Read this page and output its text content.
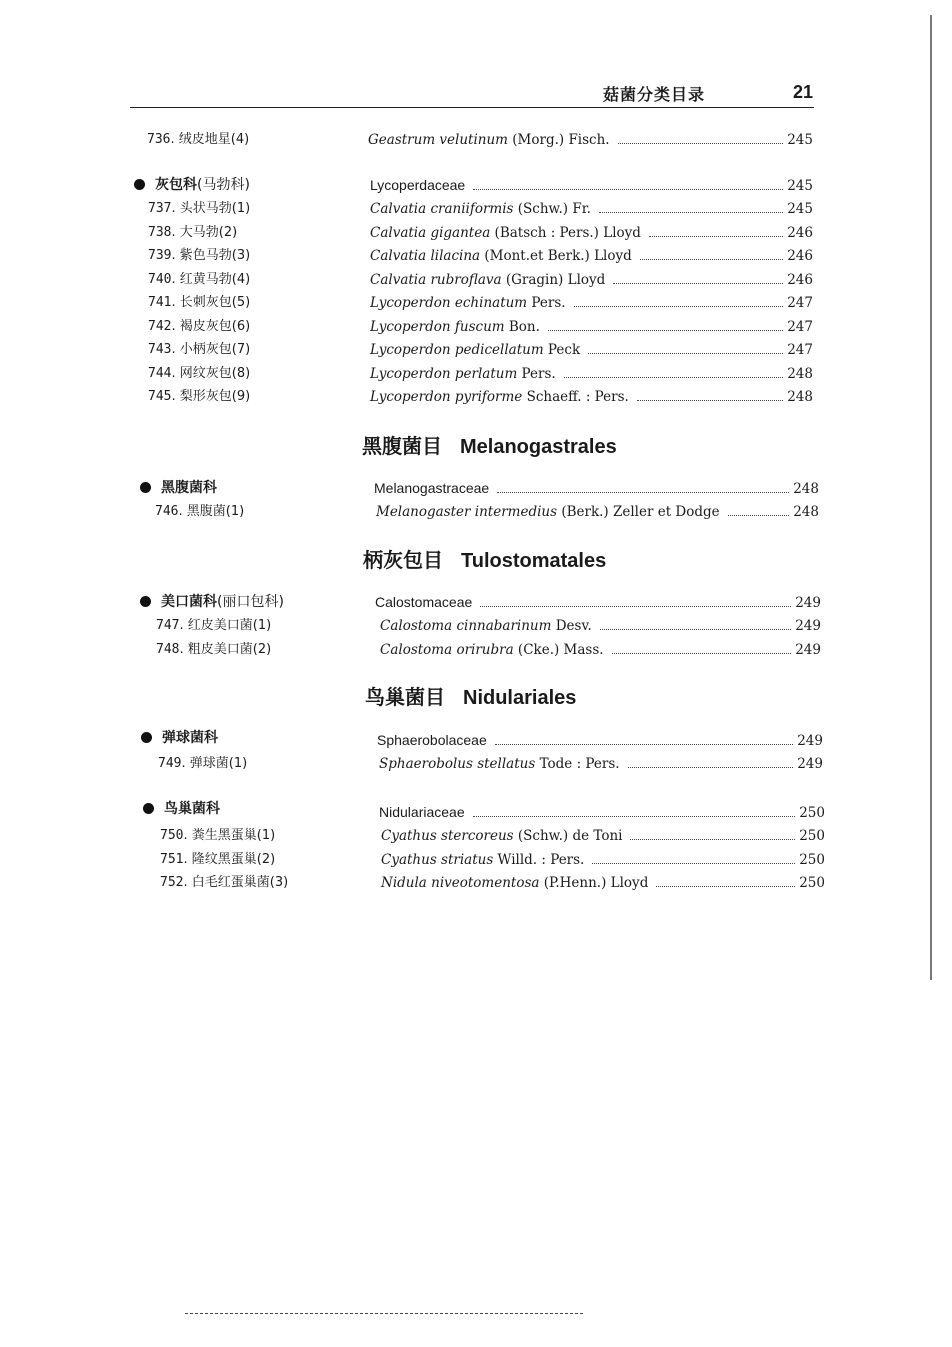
菇菌分类目录	21
736. 绒皮地星(4)	Geastrum velutinum (Morg.) Fisch.	245
灰包科(马勃科)	Lycoperdaceae	245
737. 头状马勃(1)	Calvatia craniiformis (Schw.) Fr.	245
738. 大马勃(2)	Calvatia gigantea (Batsch : Pers.) Lloyd	246
739. 紫色马勃(3)	Calvatia lilacina (Mont.et Berk.) Lloyd	246
740. 红黄马勃(4)	Calvatia rubroflava (Gragin) Lloyd	246
741. 长刺灰包(5)	Lycoperdon echinatum Pers.	247
742. 褐皮灰包(6)	Lycoperdon fuscum Bon.	247
743. 小柄灰包(7)	Lycoperdon pedicellatum Peck	247
744. 网纹灰包(8)	Lycoperdon perlatum Pers.	248
745. 梨形灰包(9)	Lycoperdon pyriforme Schaeff. : Pers.	248
黑腹菌目 Melanogastrales
黑腹菌科	Melanogastraceae	248
746. 黑腹菌(1)	Melanogaster intermedius (Berk.) Zeller et Dodge	248
柄灰包目 Tulostomatales
美口菌科(丽口包科)	Calostomaceae	249
747. 红皮美口菌(1)	Calostoma cinnabarinum Desv.	249
748. 粗皮美口菌(2)	Calostoma orirubra (Cke.) Mass.	249
鸟巢菌目 Nidulariales
弹球菌科	Sphaerobolaceae	249
749. 弹球菌(1)	Sphaerobolus stellatus Tode : Pers.	249
鸟巢菌科	Nidulariaceae	250
750. 粪生黑蛋巢(1)	Cyathus stercoreus (Schw.) de Toni	250
751. 隆纹黑蛋巢(2)	Cyathus striatus Willd. : Pers.	250
752. 白毛红蛋巢菌(3)	Nidula niveotomentosa (P.Henn.) Lloyd	250
